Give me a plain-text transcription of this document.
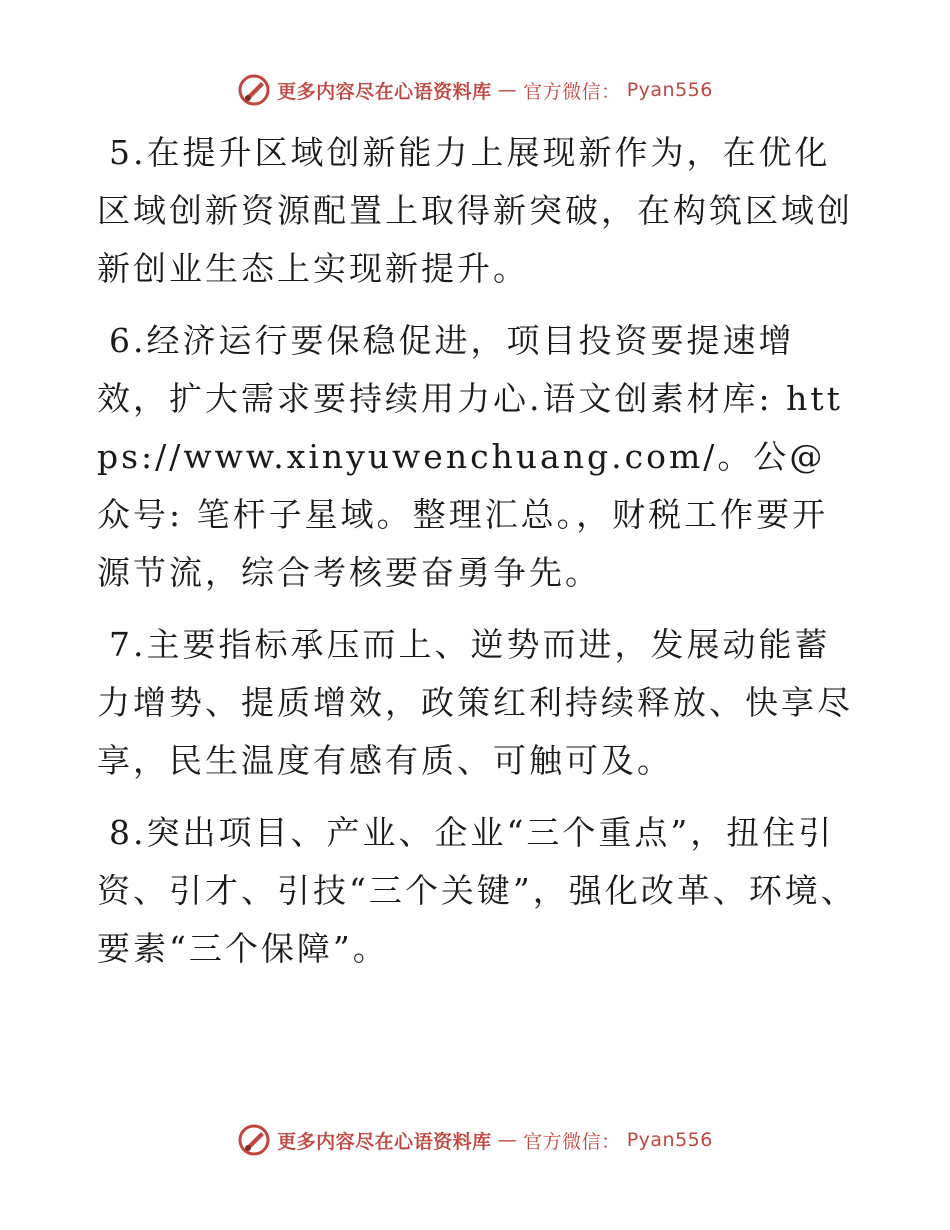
更多内容尽在心语资料库 — 官方微信： Pyan556

5.在提升区域创新能力上展现新作为，在优化区域创新资源配置上取得新突破，在构筑区域创新创业生态上实现新提升。

6.经济运行要保稳促进，项目投资要提速增效，扩大需求要持续用力心.语文创素材库: https://www.xinyuwenchuang.com/。公@众号: 笔杆子星域。整理汇总。，财税工作要开源节流，综合考核要奋勇争先。

7.主要指标承压而上、逆势而进，发展动能蓄力增势、提质增效，政策红利持续释放、快享尽享，民生温度有感有质、可触可及。

8.突出项目、产业、企业“三个重点”，扭住引资、引才、引技“三个关键”，强化改革、环境、要素“三个保障”。

更多内容尽在心语资料库 — 官方微信： Pyan556
